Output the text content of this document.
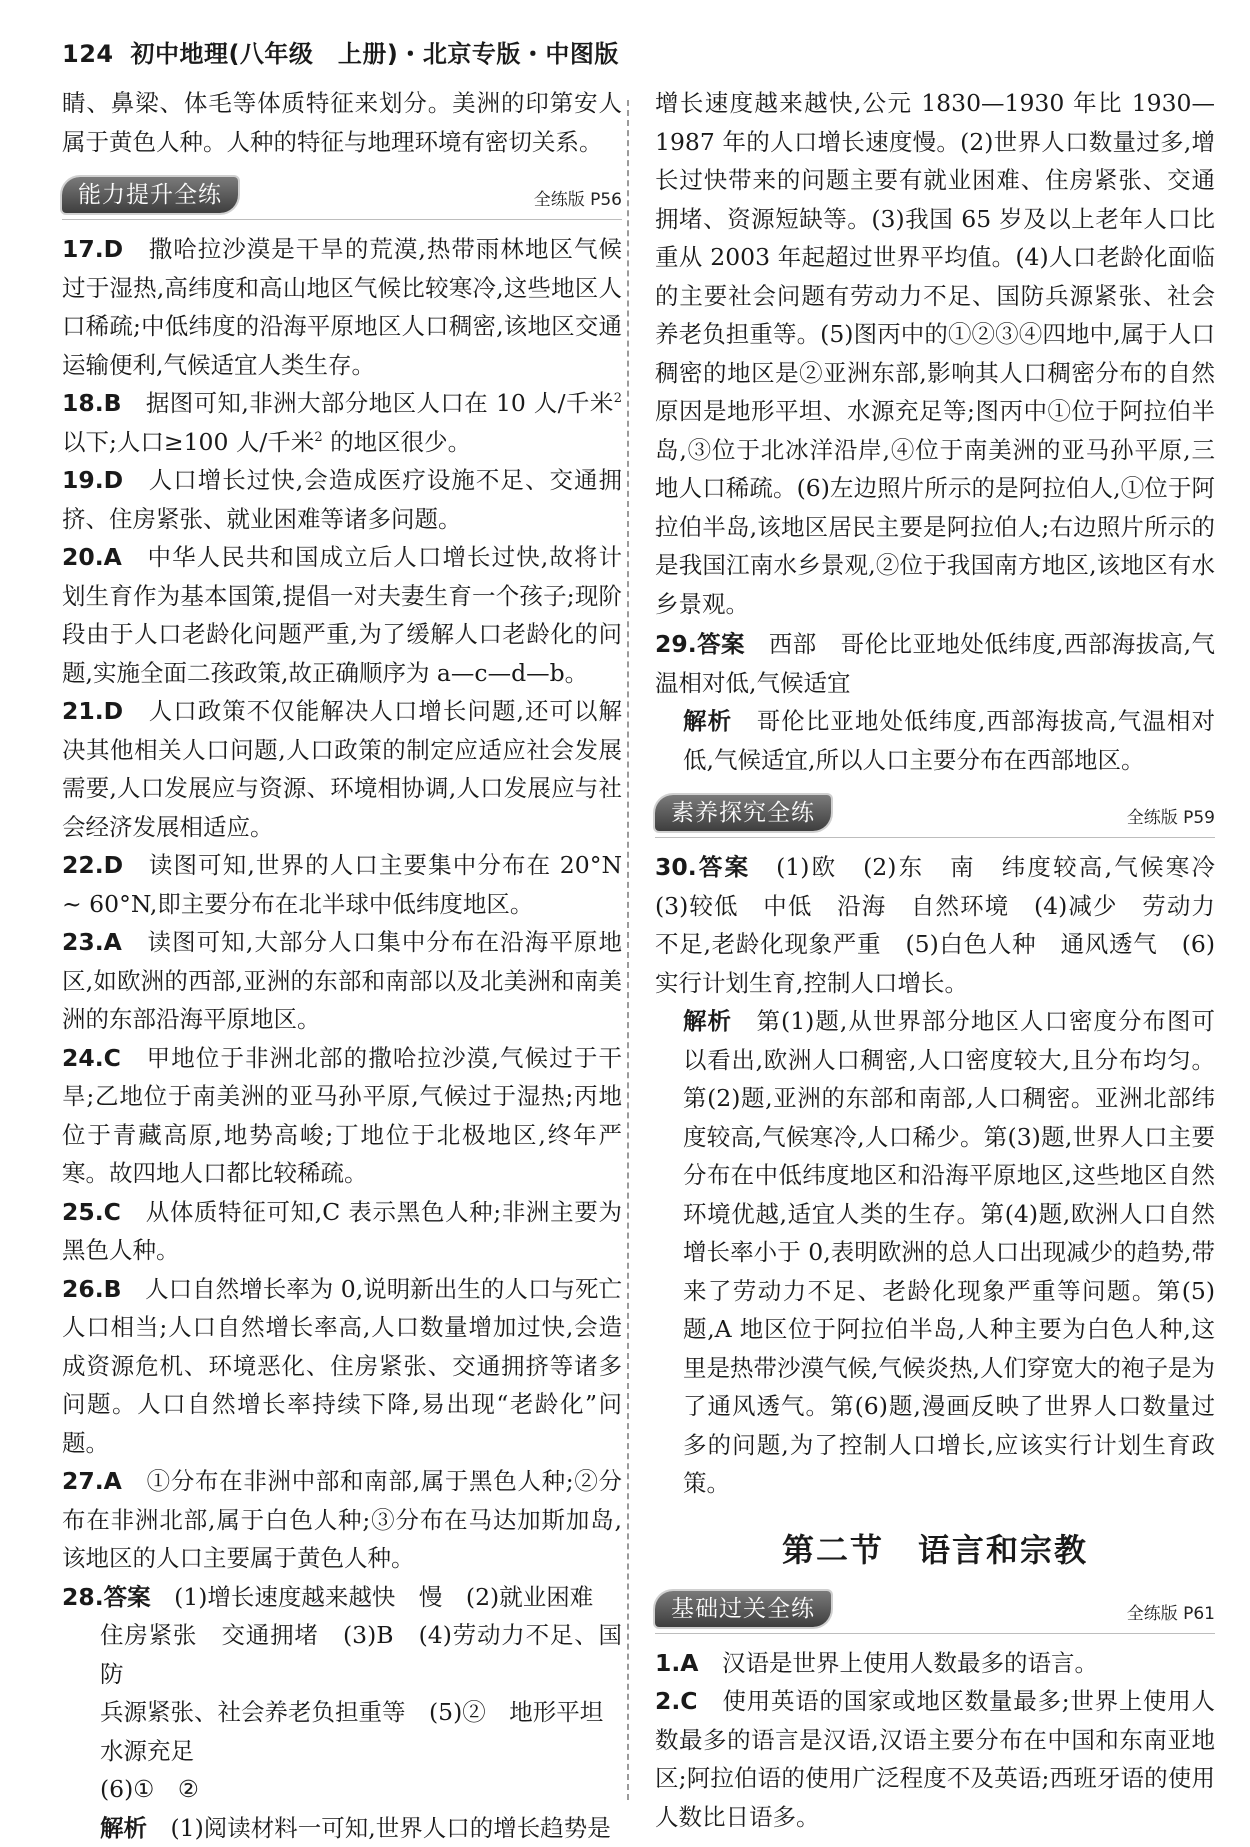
124 初中地理(八年级　上册)・北京专版・中图版

睛、鼻梁、体毛等体质特征来划分。美洲的印第安人属于黄色人种。人种的特征与地理环境有密切关系。

能力提升全练	全练版 P56

17.D　 撒哈拉沙漠是干旱的荒漠,热带雨林地区气候过于湿热,高纬度和高山地区气候比较寒冷,这些地区人口稀疏;中低纬度的沿海平原地区人口稠密,该地区交通运输便利,气候适宜人类生存。

18.B　 据图可知,非洲大部分地区人口在 10 人/千米$^2$ 以下;人口≥100 人/千米$^2$ 的地区很少。

19.D　 人口增长过快,会造成医疗设施不足、交通拥挤、住房紧张、就业困难等诸多问题。

20.A　 中华人民共和国成立后人口增长过快,故将计划生育作为基本国策,提倡一对夫妻生育一个孩子;现阶段由于人口老龄化问题严重,为了缓解人口老龄化的问题,实施全面二孩政策,故正确顺序为 a—c—d—b。

21.D　 人口政策不仅能解决人口增长问题,还可以解决其他相关人口问题,人口政策的制定应适应社会发展需要,人口发展应与资源、环境相协调,人口发展应与社会经济发展相适应。

22.D　 读图可知,世界的人口主要集中分布在 20°N ~ 60°N,即主要分布在北半球中低纬度地区。

23.A　 读图可知,大部分人口集中分布在沿海平原地区,如欧洲的西部,亚洲的东部和南部以及北美洲和南美洲的东部沿海平原地区。

24.C　 甲地位于非洲北部的撒哈拉沙漠,气候过于干旱;乙地位于南美洲的亚马孙平原,气候过于湿热;丙地位于青藏高原,地势高峻;丁地位于北极地区,终年严寒。故四地人口都比较稀疏。

25.C　 从体质特征可知,C 表示黑色人种;非洲主要为黑色人种。

26.B　 人口自然增长率为 0,说明新出生的人口与死亡人口相当;人口自然增长率高,人口数量增加过快,会造成资源危机、环境恶化、住房紧张、交通拥挤等诸多问题。人口自然增长率持续下降,易出现“老龄化”问题。

27.A　 ①分布在非洲中部和南部,属于黑色人种;②分布在非洲北部,属于白色人种;③分布在马达加斯加岛,该地区的人口主要属于黄色人种。

28.答案　 (1)增长速度越来越快　慢　(2)就业困难

住房紧张　交通拥堵　(3)B　(4)劳动力不足、国防

兵源紧张、社会养老负担重等　(5)②　地形平坦

水源充足

(6)①　②

解析　 (1)阅读材料一可知,世界人口的增长趋势是

增长速度越来越快,公元 1830—1930 年比 1930—1987 年的人口增长速度慢。(2)世界人口数量过多,增长过快带来的问题主要有就业困难、住房紧张、交通拥堵、资源短缺等。(3)我国 65 岁及以上老年人口比重从 2003 年起超过世界平均值。(4)人口老龄化面临的主要社会问题有劳动力不足、国防兵源紧张、社会养老负担重等。(5)图丙中的①②③④四地中,属于人口稠密的地区是②亚洲东部,影响其人口稠密分布的自然原因是地形平坦、水源充足等;图丙中①位于阿拉伯半岛,③位于北冰洋沿岸,④位于南美洲的亚马孙平原,三地人口稀疏。(6)左边照片所示的是阿拉伯人,①位于阿拉伯半岛,该地区居民主要是阿拉伯人;右边照片所示的是我国江南水乡景观,②位于我国南方地区,该地区有水乡景观。

29.答案　 西部　哥伦比亚地处低纬度,西部海拔高,气温相对低,气候适宜

解析　 哥伦比亚地处低纬度,西部海拔高,气温相对低,气候适宜,所以人口主要分布在西部地区。

素养探究全练	全练版 P59

30.答案　 (1)欧　(2)东　南　纬度较高,气候寒冷　(3)较低　中低　沿海　自然环境　(4)减少　劳动力不足,老龄化现象严重　(5)白色人种　通风透气　(6)实行计划生育,控制人口增长。

解析　 第(1)题,从世界部分地区人口密度分布图可以看出,欧洲人口稠密,人口密度较大,且分布均匀。第(2)题,亚洲的东部和南部,人口稠密。亚洲北部纬度较高,气候寒冷,人口稀少。第(3)题,世界人口主要分布在中低纬度地区和沿海平原地区,这些地区自然环境优越,适宜人类的生存。第(4)题,欧洲人口自然增长率小于 0,表明欧洲的总人口出现减少的趋势,带来了劳动力不足、老龄化现象严重等问题。第(5)题,A 地区位于阿拉伯半岛,人种主要为白色人种,这里是热带沙漠气候,气候炎热,人们穿宽大的袍子是为了通风透气。第(6)题,漫画反映了世界人口数量过多的问题,为了控制人口增长,应该实行计划生育政策。

第二节 语言和宗教
基础过关全练	全练版 P61

1.A　 汉语是世界上使用人数最多的语言。

2.C　 使用英语的国家或地区数量最多;世界上使用人数最多的语言是汉语,汉语主要分布在中国和东南亚地区;阿拉伯语的使用广泛程度不及英语;西班牙语的使用人数比日语多。
